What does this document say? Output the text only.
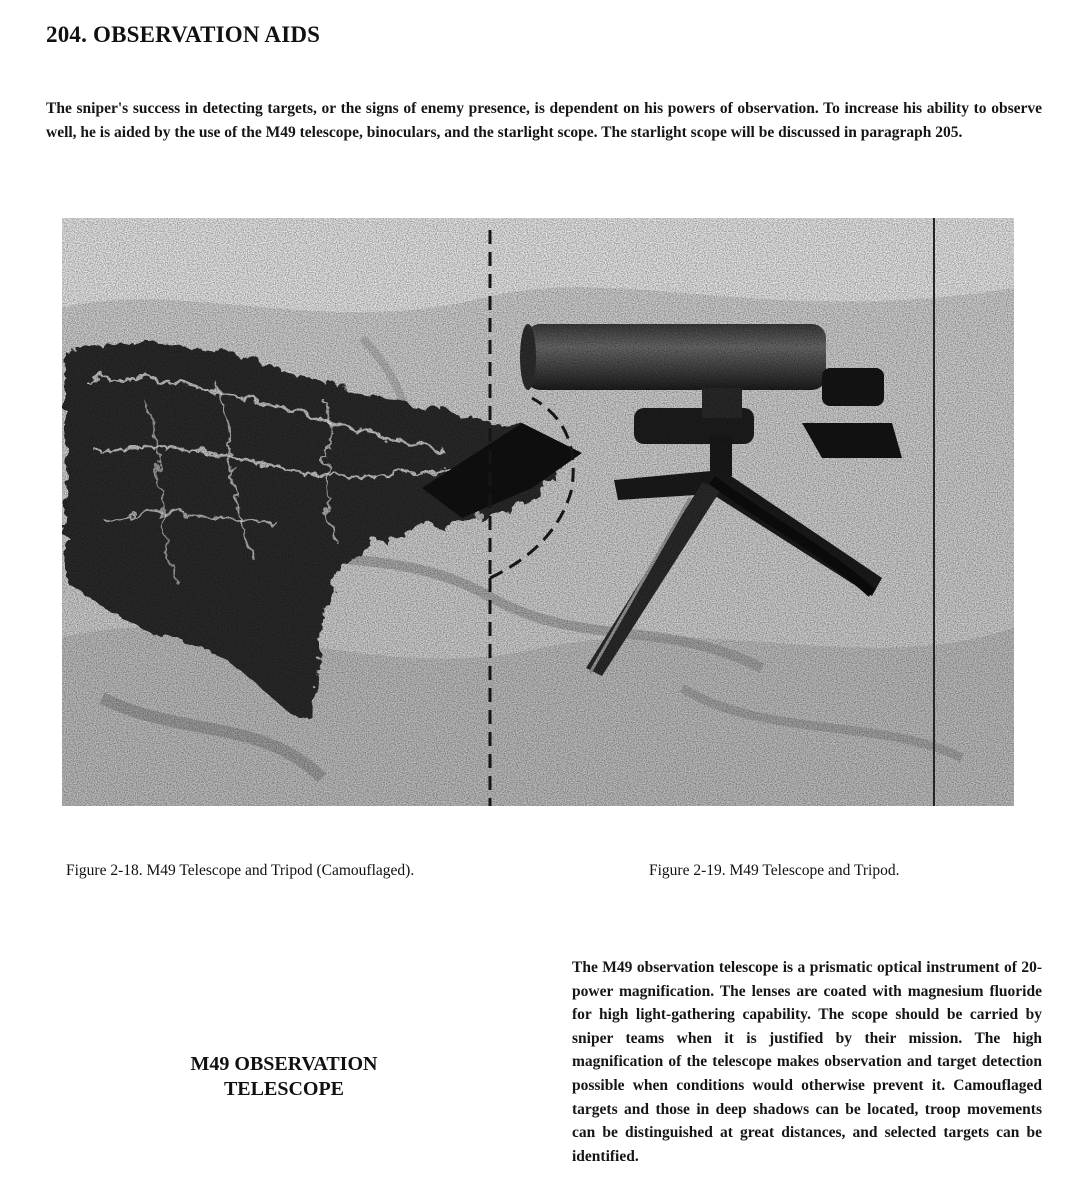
204. OBSERVATION AIDS

The sniper's success in detecting targets, or the signs of enemy presence, is dependent on his powers of observation. To increase his ability to observe well, he is aided by the use of the M49 telescope, binoculars, and the starlight scope. The starlight scope will be discussed in paragraph 205.

Figure 2-18. M49 Telescope and Tripod (Camouflaged).	Figure 2-19. M49 Telescope and Tripod.

M49 OBSERVATION
TELESCOPE

The M49 observation telescope is a prismatic optical instrument of 20-power magnification. The lenses are coated with magnesium fluoride for high light-gathering capability. The scope should be carried by sniper teams when it is justified by their mission. The high magnification of the telescope makes observation and target detection possible when conditions would otherwise prevent it. Camouflaged targets and those in deep shadows can be located, troop movements can be distinguished at great distances, and selected targets can be identified.
